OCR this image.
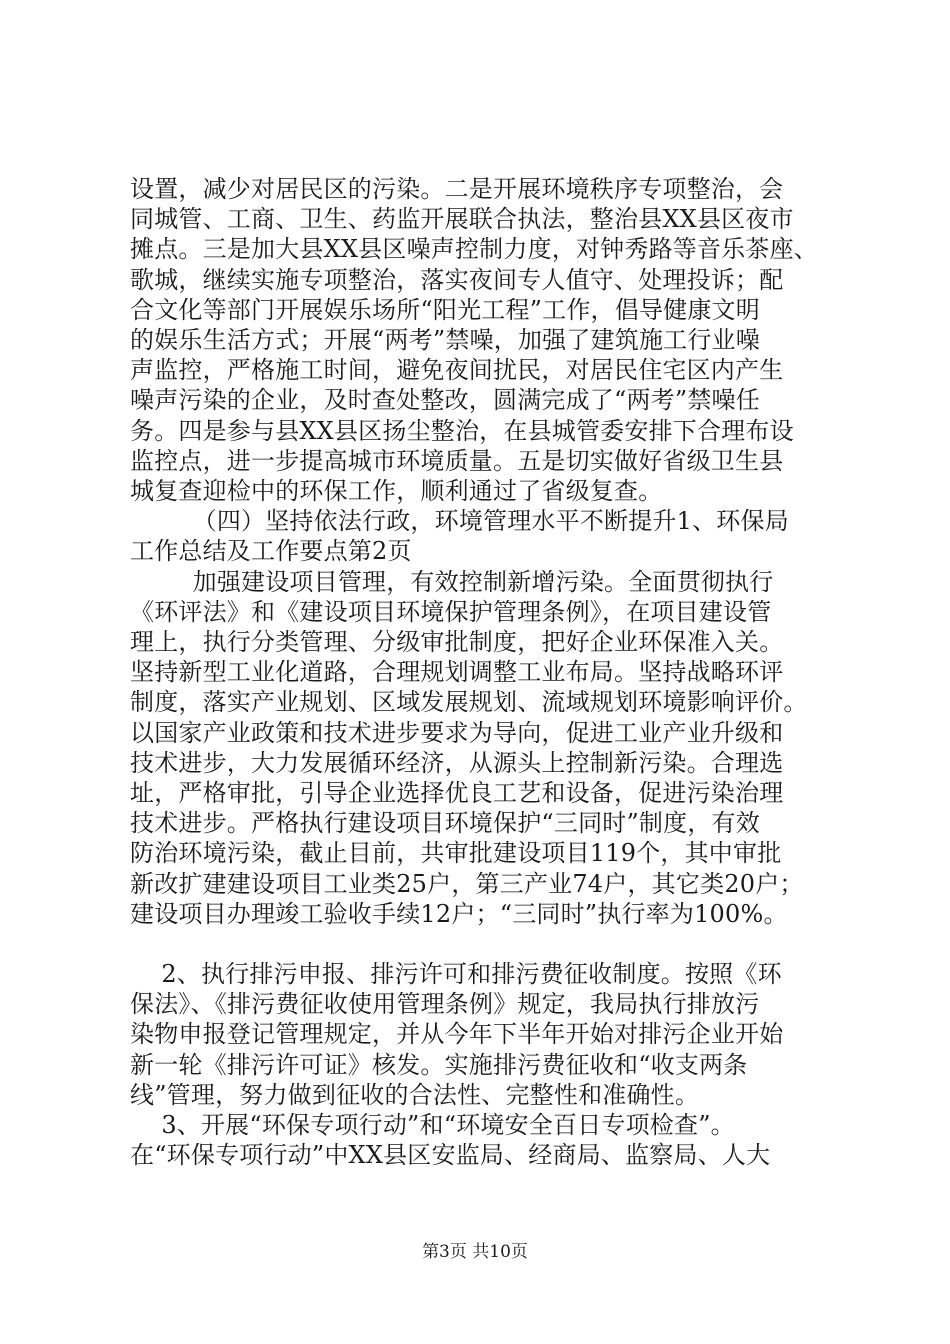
设置，减少对居民区的污染。二是开展环境秩序专项整治，会
同城管、工商、卫生、药监开展联合执法，整治县XX县区夜市
摊点。三是加大县XX县区噪声控制力度，对钟秀路等音乐茶座、
歌城，继续实施专项整治，落实夜间专人值守、处理投诉；配
合文化等部门开展娱乐场所“阳光工程”工作，倡导健康文明
的娱乐生活方式；开展“两考”禁噪，加强了建筑施工行业噪
声监控，严格施工时间，避免夜间扰民，对居民住宅区内产生
噪声污染的企业，及时查处整改，圆满完成了“两考”禁噪任
务。四是参与县XX县区扬尘整治，在县城管委安排下合理布设
监控点，进一步提高城市环境质量。五是切实做好省级卫生县
城复查迎检中的环保工作，顺利通过了省级复查。

（四）坚持依法行政，环境管理水平不断提升1、环保局
工作总结及工作要点第2页

加强建设项目管理，有效控制新增污染。全面贯彻执行
《环评法》和《建设项目环境保护管理条例》，在项目建设管
理上，执行分类管理、分级审批制度，把好企业环保准入关。
坚持新型工业化道路，合理规划调整工业布局。坚持战略环评
制度，落实产业规划、区域发展规划、流域规划环境影响评价。
以国家产业政策和技术进步要求为导向，促进工业产业升级和
技术进步，大力发展循环经济，从源头上控制新污染。合理选
址，严格审批，引导企业选择优良工艺和设备，促进污染治理
技术进步。严格执行建设项目环境保护“三同时”制度，有效
防治环境污染，截止目前，共审批建设项目119个，其中审批
新改扩建建设项目工业类25户，第三产业74户，其它类20户；
建设项目办理竣工验收手续12户；“三同时”执行率为100%。

2、执行排污申报、排污许可和排污费征收制度。按照《环
保法》、《排污费征收使用管理条例》规定，我局执行排放污
染物申报登记管理规定，并从今年下半年开始对排污企业开始
新一轮《排污许可证》核发。实施排污费征收和“收支两条
线”管理，努力做到征收的合法性、完整性和准确性。

3、开展“环保专项行动”和“环境安全百日专项检查”。
在“环保专项行动”中XX县区安监局、经商局、监察局、人大

第3页 共10页
